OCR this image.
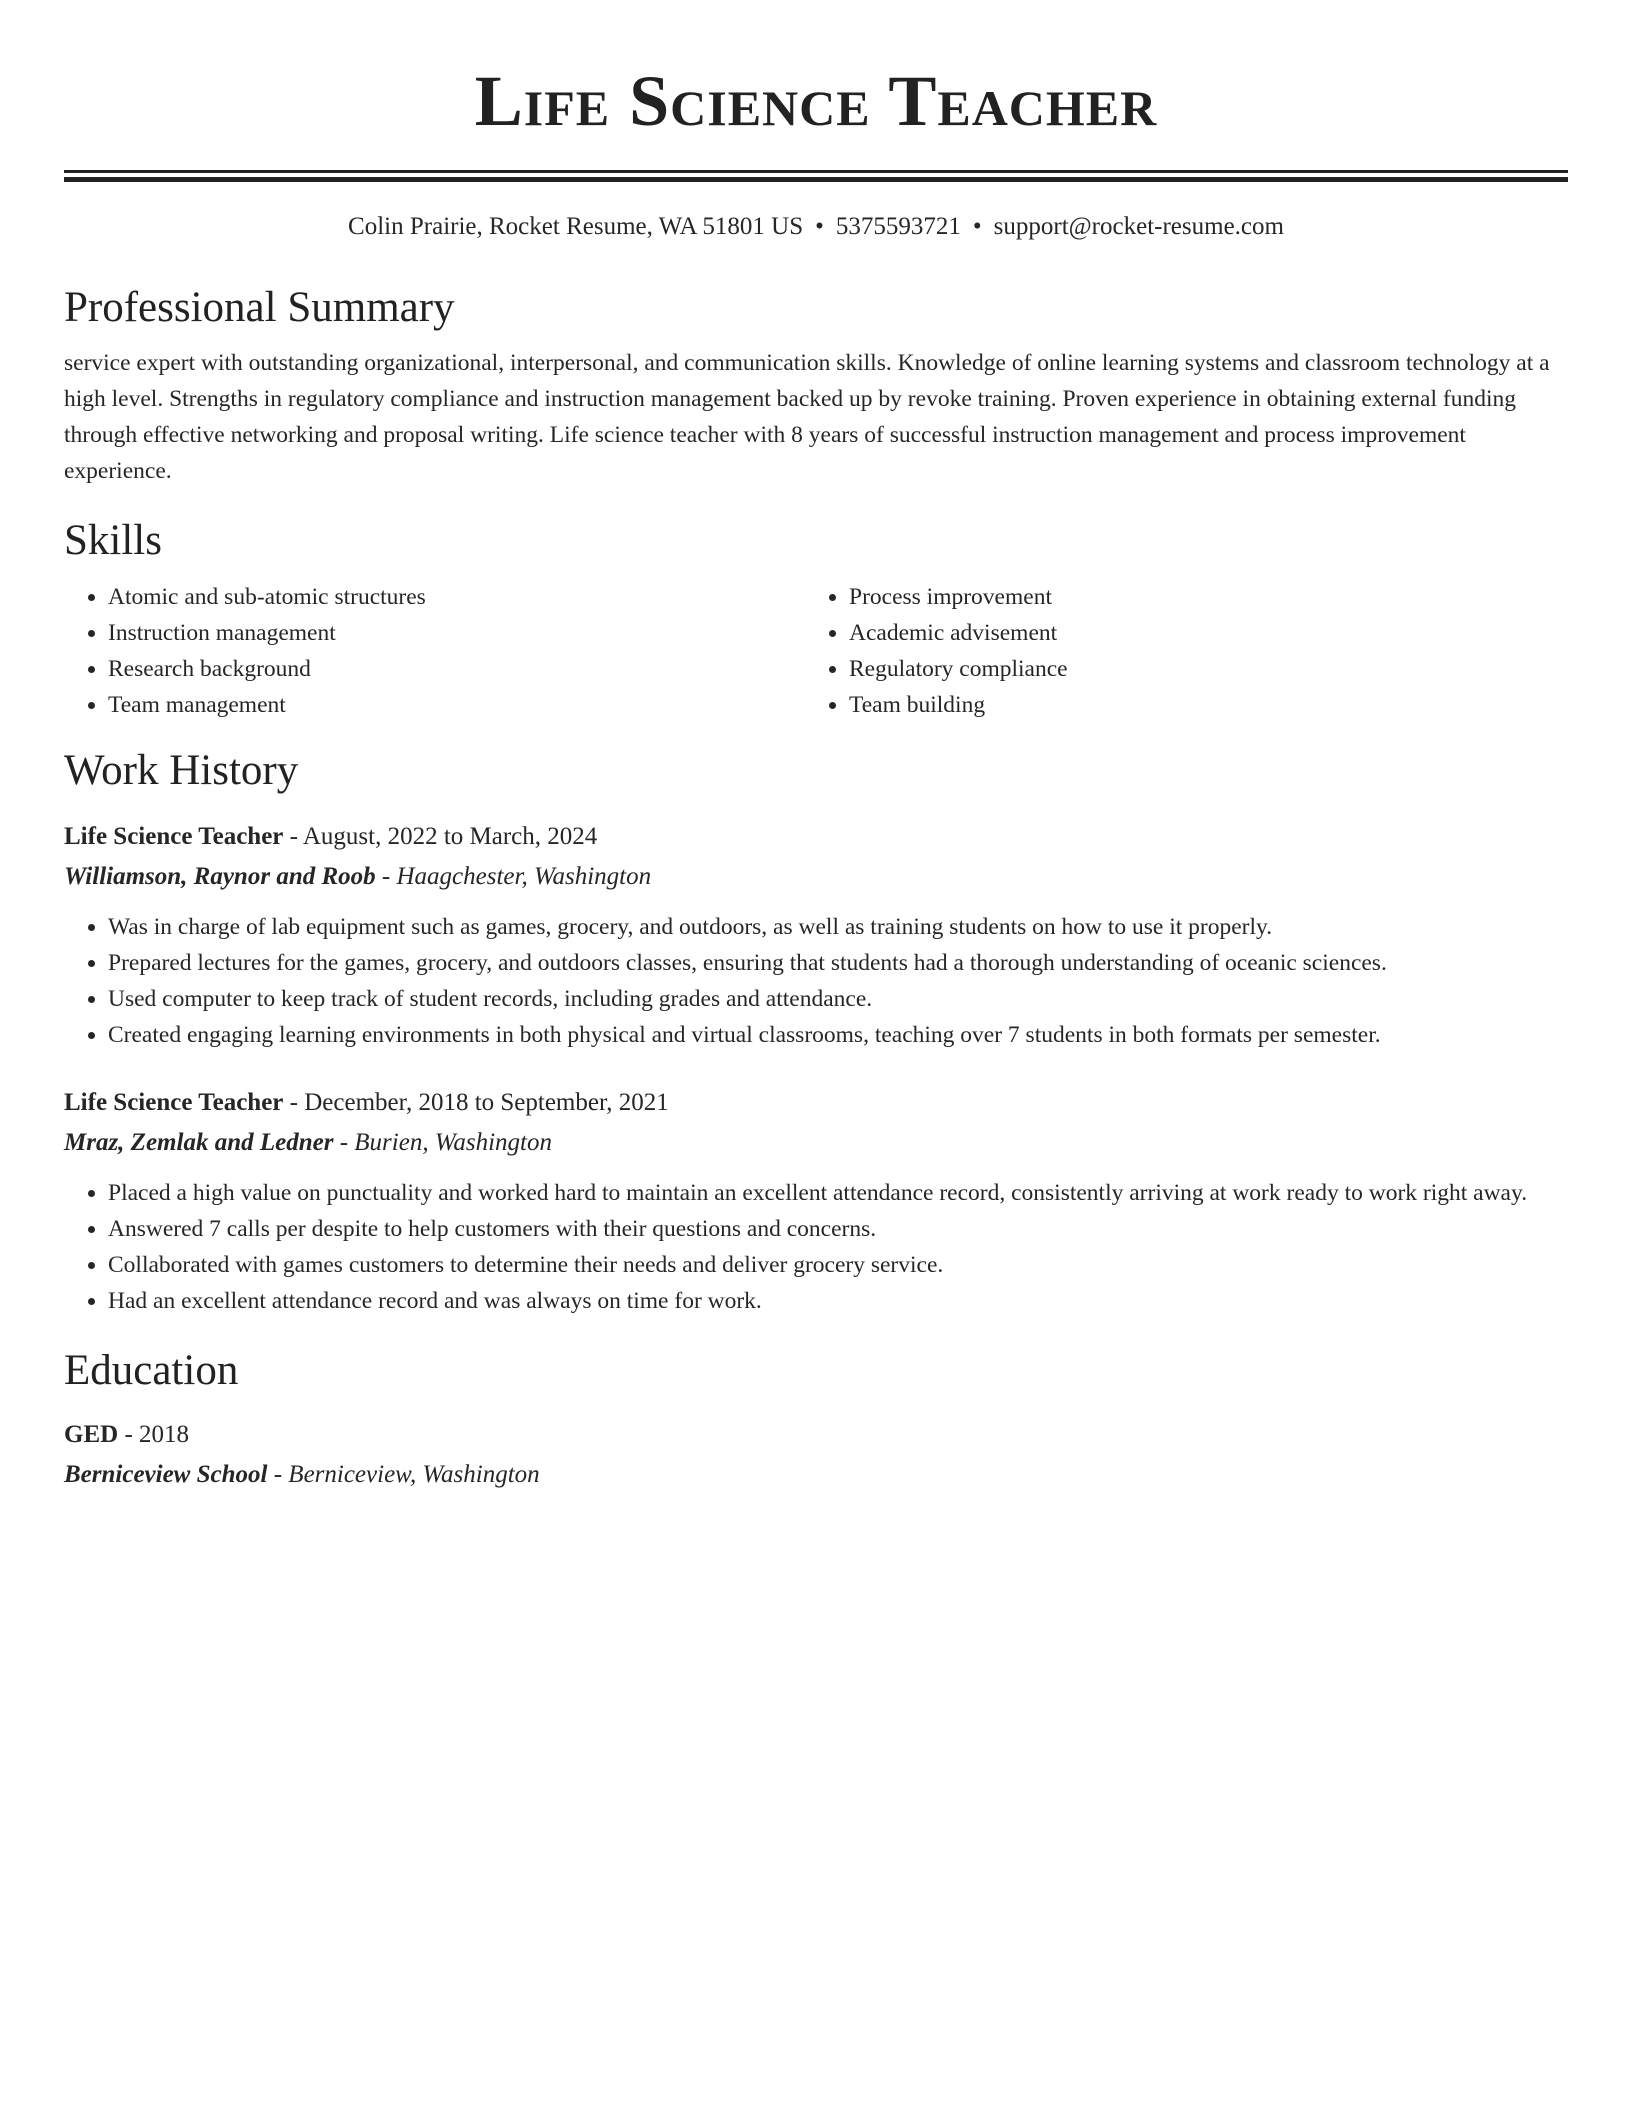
Life Science Teacher
Colin Prairie, Rocket Resume, WA 51801 US • 5375593721 • support@rocket-resume.com
Professional Summary

service expert with outstanding organizational, interpersonal, and communication skills. Knowledge of online learning systems and classroom technology at a high level. Strengths in regulatory compliance and instruction management backed up by revoke training. Proven experience in obtaining external funding through effective networking and proposal writing. Life science teacher with 8 years of successful instruction management and process improvement experience.

Skills
• Atomic and sub-atomic structures
• Instruction management
• Research background
• Team management
• Process improvement
• Academic advisement
• Regulatory compliance
• Team building
Work History
Life Science Teacher - August, 2022 to March, 2024
Williamson, Raynor and Roob - Haagchester, Washington
• Was in charge of lab equipment such as games, grocery, and outdoors, as well as training students on how to use it properly.
• Prepared lectures for the games, grocery, and outdoors classes, ensuring that students had a thorough understanding of oceanic sciences.
• Used computer to keep track of student records, including grades and attendance.
• Created engaging learning environments in both physical and virtual classrooms, teaching over 7 students in both formats per semester.
Life Science Teacher - December, 2018 to September, 2021
Mraz, Zemlak and Ledner - Burien, Washington
• Placed a high value on punctuality and worked hard to maintain an excellent attendance record, consistently arriving at work ready to work right away.
• Answered 7 calls per despite to help customers with their questions and concerns.
• Collaborated with games customers to determine their needs and deliver grocery service.
• Had an excellent attendance record and was always on time for work.
Education
GED - 2018
Berniceview School - Berniceview, Washington
